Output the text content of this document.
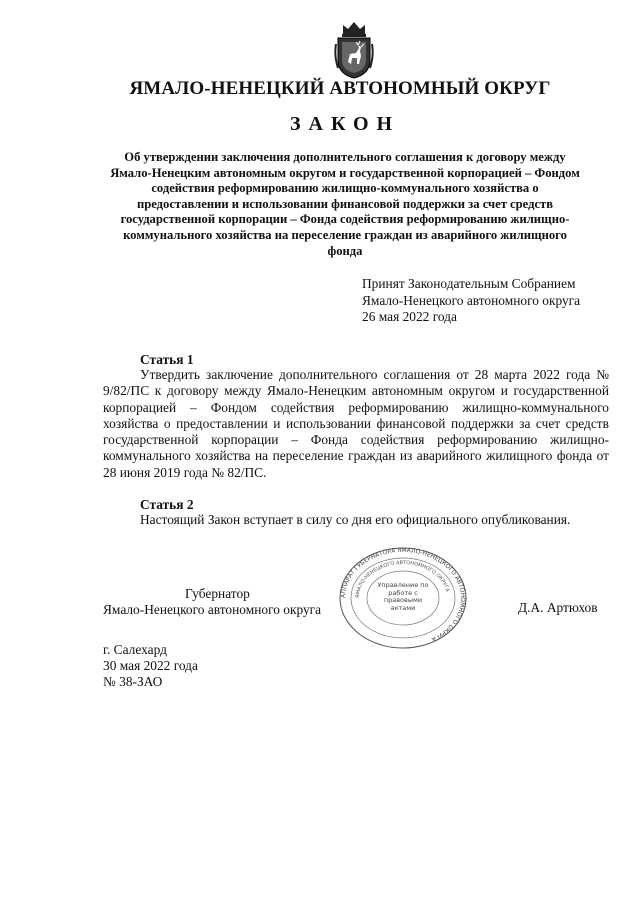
ЯМАЛО-НЕНЕЦКИЙ АВТОНОМНЫЙ ОКРУГ
ЗАКОН
Об утверждении заключения дополнительного соглашения к договору между Ямало-Ненецким автономным округом и государственной корпорацией – Фондом содействия реформированию жилищно-коммунального хозяйства о предоставлении и использовании финансовой поддержки за счет средств государственной корпорации – Фонда содействия реформированию жилищно-коммунального хозяйства на переселение граждан из аварийного жилищного фонда
Принят Законодательным Собранием
Ямало-Ненецкого автономного округа
26 мая 2022 года
Статья 1
Утвердить заключение дополнительного соглашения от 28 марта 2022 года № 9/82/ПС к договору между Ямало-Ненецким автономным округом и государственной корпорацией – Фондом содействия реформированию жилищно-коммунального хозяйства о предоставлении и использовании финансовой поддержки за счет средств государственной корпорации – Фонда содействия реформированию жилищно-коммунального хозяйства на переселение граждан из аварийного жилищного фонда от 28 июня 2019 года № 82/ПС.
Статья 2
Настоящий Закон вступает в силу со дня его официального опубликования.
Губернатор
Ямало-Ненецкого автономного округа	Д.А. Артюхов
АППАРАТ ГУБЕРНАТОРА ЯМАЛО-НЕНЕЦКОГО АВТОНОМНОГО ОКРУГА
ЯМАЛО-НЕНЕЦКОГО АВТОНОМНОГО ОКРУГА
Управление по работе с правовыми актами
г. Салехард
30 мая 2022 года
№ 38-ЗАО
